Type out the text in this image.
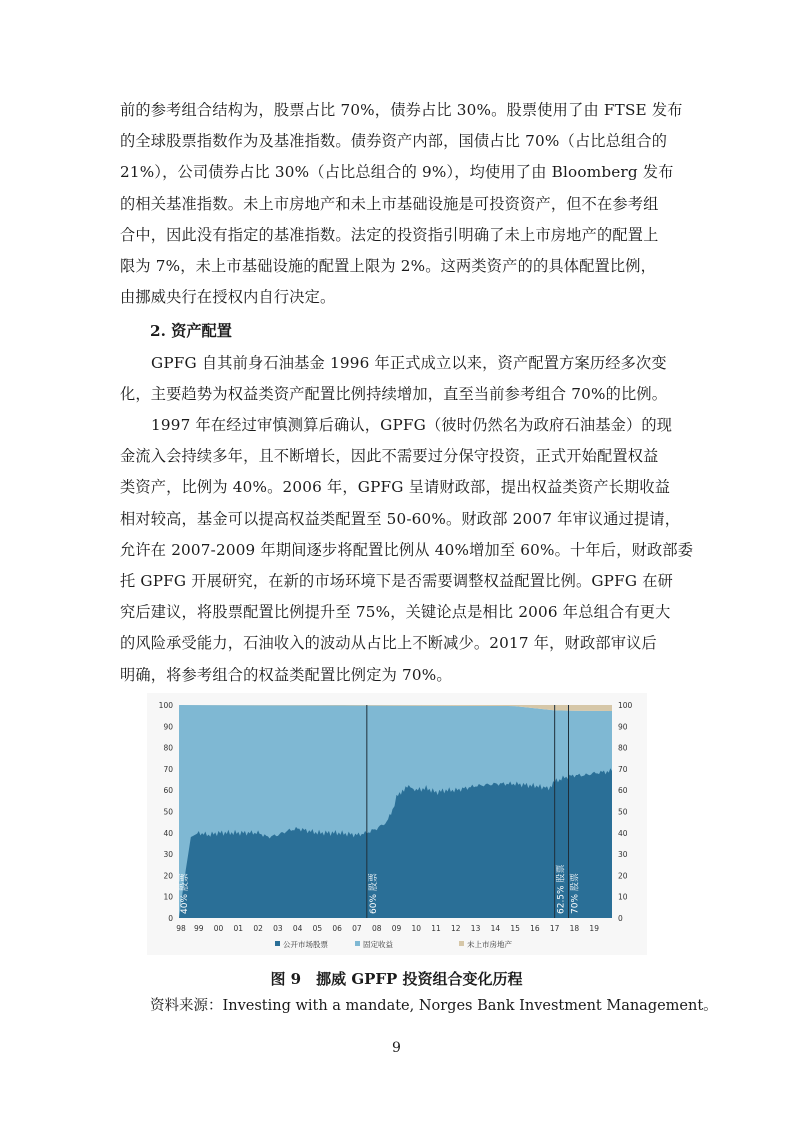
前的参考组合结构为，股票占比 70%，债券占比 30%。股票使用了由 FTSE 发布
的全球股票指数作为及基准指数。债券资产内部，国债占比 70%（占比总组合的
21%），公司债券占比 30%（占比总组合的 9%），均使用了由 Bloomberg 发布
的相关基准指数。未上市房地产和未上市基础设施是可投资资产，但不在参考组
合中，因此没有指定的基准指数。法定的投资指引明确了未上市房地产的配置上
限为 7%，未上市基础设施的配置上限为 2%。这两类资产的的具体配置比例，
由挪威央行在授权内自行决定。
2. 资产配置
GPFG 自其前身石油基金 1996 年正式成立以来，资产配置方案历经多次变
化，主要趋势为权益类资产配置比例持续增加，直至当前参考组合 70%的比例。
1997 年在经过审慎测算后确认，GPFG（彼时仍然名为政府石油基金）的现
金流入会持续多年，且不断增长，因此不需要过分保守投资，正式开始配置权益
类资产，比例为 40%。2006 年，GPFG 呈请财政部，提出权益类资产长期收益
相对较高，基金可以提高权益类配置至 50-60%。财政部 2007 年审议通过提请，
允许在 2007-2009 年期间逐步将配置比例从 40%增加至 60%。十年后，财政部委
托 GPFG 开展研究，在新的市场环境下是否需要调整权益配置比例。GPFG 在研
究后建议，将股票配置比例提升至 75%，关键论点是相比 2006 年总组合有更大
的风险承受能力，石油收入的波动从占比上不断减少。2017 年，财政部审议后
明确，将参考组合的权益类配置比例定为 70%。
0	0
10	10
20	20
30	30
40	40
50	50
60	60
70	70
80	80
90	90
100	100
98 99 00 01 02 03 04 05 06 07 08 09 10 11 12 13 14 15 16 17 18 19
40% 股票	60% 股票	62.5% 股票 70% 股票
公开市场股票	固定收益	未上市房地产
图 9　挪威 GPFP 投资组合变化历程
资料来源：Investing with a mandate, Norges Bank Investment Management。
9
